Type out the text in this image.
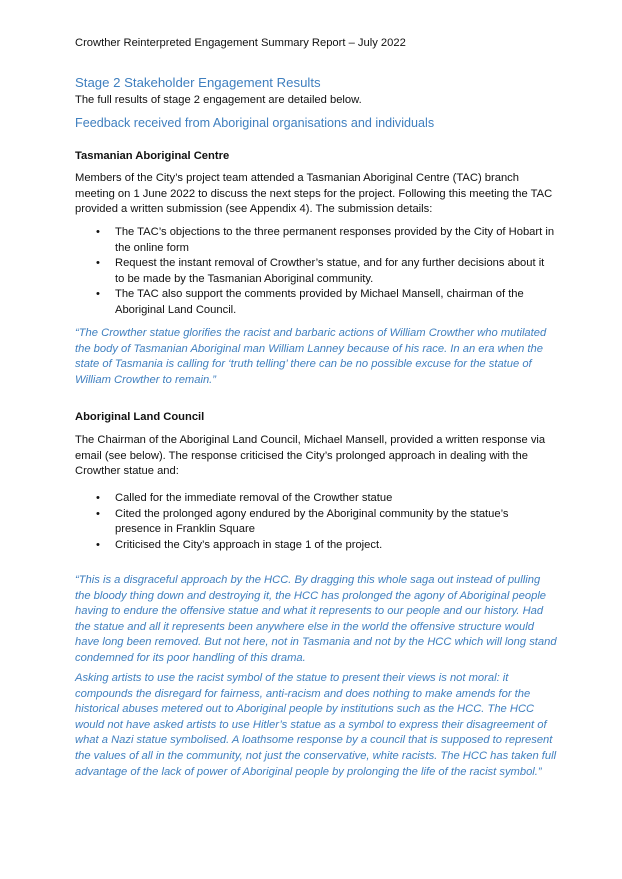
Crowther Reinterpreted Engagement Summary Report – July 2022
Stage 2 Stakeholder Engagement Results

The full results of stage 2 engagement are detailed below.

Feedback received from Aboriginal organisations and individuals
Tasmanian Aboriginal Centre

Members of the City’s project team attended a Tasmanian Aboriginal Centre (TAC) branch meeting on 1 June 2022 to discuss the next steps for the project. Following this meeting the TAC provided a written submission (see Appendix 4). The submission details:

• The TAC’s objections to the three permanent responses provided by the City of Hobart in the online form
• Request the instant removal of Crowther’s statue, and for any further decisions about it to be made by the Tasmanian Aboriginal community.
• The TAC also support the comments provided by Michael Mansell, chairman of the Aboriginal Land Council.

“The Crowther statue glorifies the racist and barbaric actions of William Crowther who mutilated the body of Tasmanian Aboriginal man William Lanney because of his race. In an era when the state of Tasmania is calling for ‘truth telling’ there can be no possible excuse for the statue of William Crowther to remain.”

Aboriginal Land Council

The Chairman of the Aboriginal Land Council, Michael Mansell, provided a written response via email (see below). The response criticised the City’s prolonged approach in dealing with the Crowther statue and:

• Called for the immediate removal of the Crowther statue
• Cited the prolonged agony endured by the Aboriginal community by the statue’s presence in Franklin Square
• Criticised the City’s approach in stage 1 of the project.

“This is a disgraceful approach by the HCC. By dragging this whole saga out instead of pulling the bloody thing down and destroying it, the HCC has prolonged the agony of Aboriginal people having to endure the offensive statue and what it represents to our people and our history. Had the statue and all it represents been anywhere else in the world the offensive structure would have long been removed. But not here, not in Tasmania and not by the HCC which will long stand condemned for its poor handling of this drama.

Asking artists to use the racist symbol of the statue to present their views is not moral: it compounds the disregard for fairness, anti-racism and does nothing to make amends for the historical abuses metered out to Aboriginal people by institutions such as the HCC. The HCC would not have asked artists to use Hitler’s statue as a symbol to express their disagreement of what a Nazi statue symbolised. A loathsome response by a council that is supposed to represent the values of all in the community, not just the conservative, white racists. The HCC has taken full advantage of the lack of power of Aboriginal people by prolonging the life of the racist symbol.”
